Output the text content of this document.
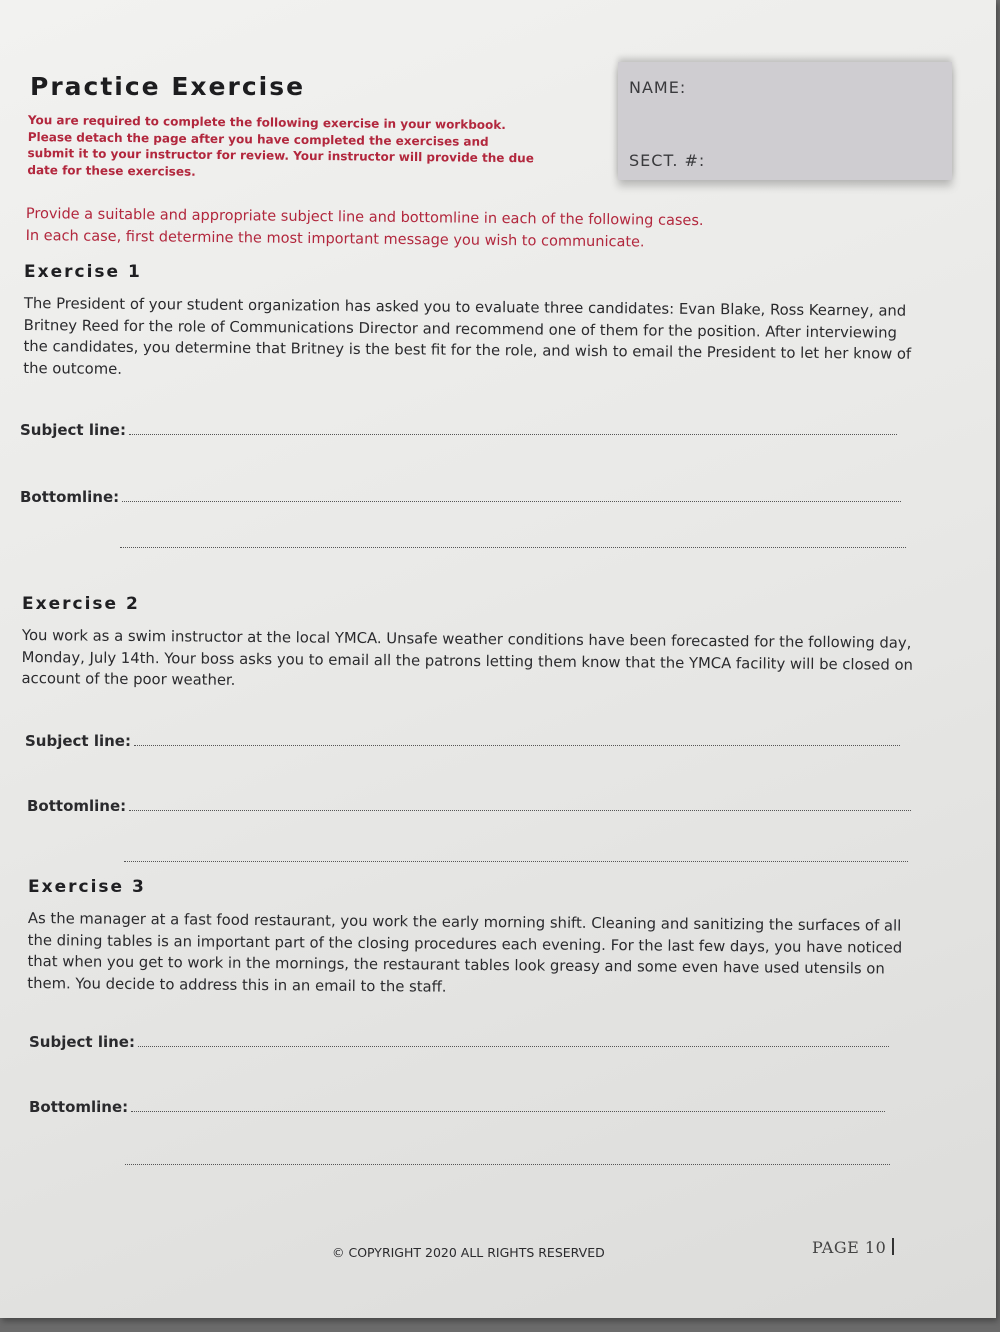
Practice Exercise
You are required to complete the following exercise in your workbook. Please detach the page after you have completed the exercises and submit it to your instructor for review. Your instructor will provide the due date for these exercises.
NAME:
SECT. #:
Provide a suitable and appropriate subject line and bottomline in each of the following cases. In each case, first determine the most important message you wish to communicate.
Exercise 1

The President of your student organization has asked you to evaluate three candidates: Evan Blake, Ross Kearney, and Britney Reed for the role of Communications Director and recommend one of them for the position. After interviewing the candidates, you determine that Britney is the best fit for the role, and wish to email the President to let her know of the outcome.

Subject line:
Bottomline:
Exercise 2

You work as a swim instructor at the local YMCA. Unsafe weather conditions have been forecasted for the following day, Monday, July 14th. Your boss asks you to email all the patrons letting them know that the YMCA facility will be closed on account of the poor weather.

Subject line:
Bottomline:
Exercise 3

As the manager at a fast food restaurant, you work the early morning shift. Cleaning and sanitizing the surfaces of all the dining tables is an important part of the closing procedures each evening. For the last few days, you have noticed that when you get to work in the mornings, the restaurant tables look greasy and some even have used utensils on them. You decide to address this in an email to the staff.

Subject line:
Bottomline:
© COPYRIGHT 2020 ALL RIGHTS RESERVED	PAGE 10
